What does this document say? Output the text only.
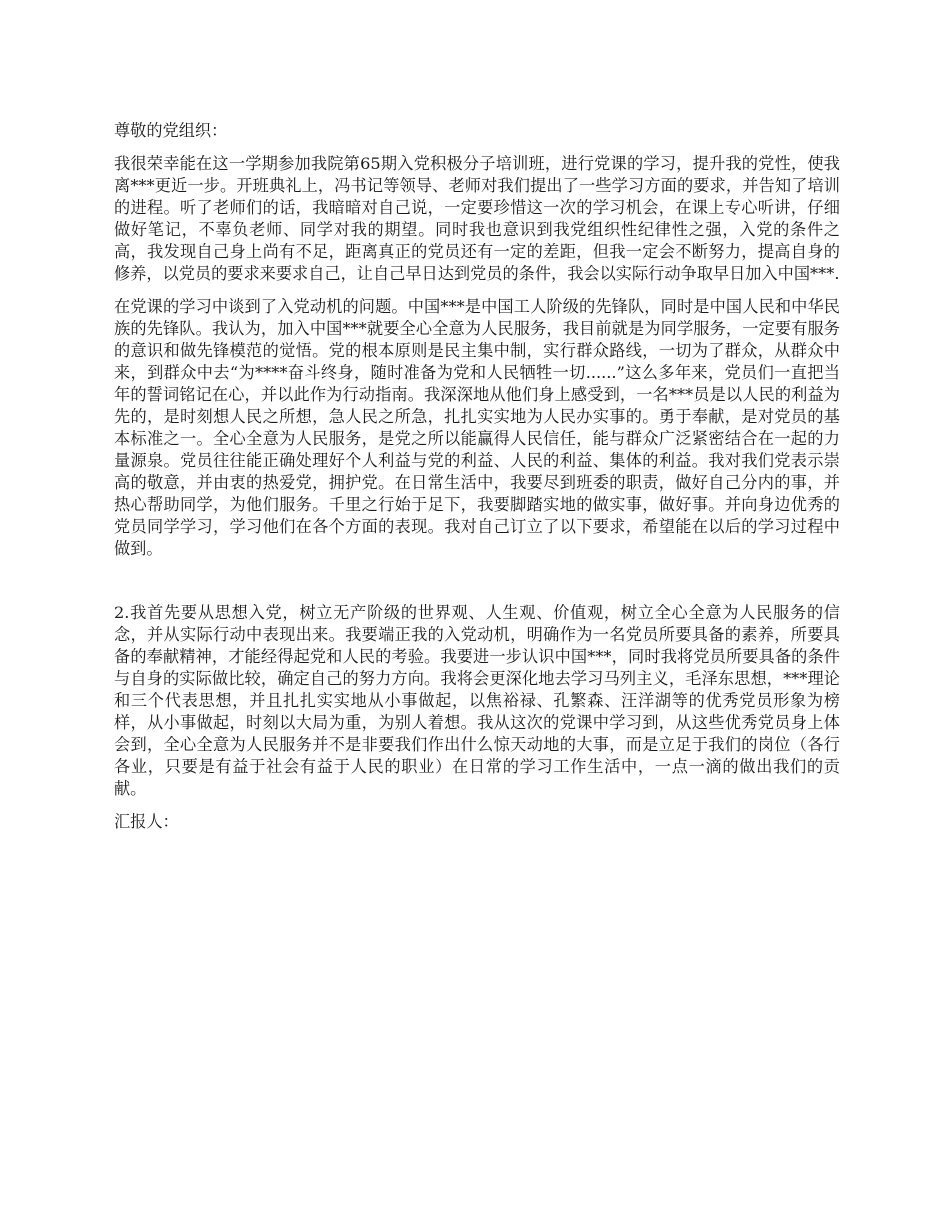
尊敬的党组织：

我很荣幸能在这一学期参加我院第65期入党积极分子培训班，进行党课的学习，提升我的党性，使我离***更近一步。开班典礼上，冯书记等领导、老师对我们提出了一些学习方面的要求，并告知了培训的进程。听了老师们的话，我暗暗对自己说，一定要珍惜这一次的学习机会，在课上专心听讲，仔细做好笔记，不辜负老师、同学对我的期望。同时我也意识到我党组织性纪律性之强，入党的条件之高，我发现自己身上尚有不足，距离真正的党员还有一定的差距，但我一定会不断努力，提高自身的修养，以党员的要求来要求自己，让自己早日达到党员的条件，我会以实际行动争取早日加入中国***.

在党课的学习中谈到了入党动机的问题。中国***是中国工人阶级的先锋队，同时是中国人民和中华民族的先锋队。我认为，加入中国***就要全心全意为人民服务，我目前就是为同学服务，一定要有服务的意识和做先锋模范的觉悟。党的根本原则是民主集中制，实行群众路线，一切为了群众，从群众中来，到群众中去“为****奋斗终身，随时准备为党和人民牺牲一切......”这么多年来，党员们一直把当年的誓词铭记在心，并以此作为行动指南。我深深地从他们身上感受到，一名***员是以人民的利益为先的，是时刻想人民之所想，急人民之所急，扎扎实实地为人民办实事的。勇于奉献，是对党员的基本标准之一。全心全意为人民服务，是党之所以能赢得人民信任，能与群众广泛紧密结合在一起的力量源泉。党员往往能正确处理好个人利益与党的利益、人民的利益、集体的利益。我对我们党表示崇高的敬意，并由衷的热爱党，拥护党。在日常生活中，我要尽到班委的职责，做好自己分内的事，并热心帮助同学，为他们服务。千里之行始于足下，我要脚踏实地的做实事，做好事。并向身边优秀的党员同学学习，学习他们在各个方面的表现。我对自己订立了以下要求，希望能在以后的学习过程中做到。

2.我首先要从思想入党，树立无产阶级的世界观、人生观、价值观，树立全心全意为人民服务的信念，并从实际行动中表现出来。我要端正我的入党动机，明确作为一名党员所要具备的素养，所要具备的奉献精神，才能经得起党和人民的考验。我要进一步认识中国***，同时我将党员所要具备的条件与自身的实际做比较，确定自己的努力方向。我将会更深化地去学习马列主义，毛泽东思想，***理论和三个代表思想，并且扎扎实实地从小事做起，以焦裕禄、孔繁森、汪洋湖等的优秀党员形象为榜样，从小事做起，时刻以大局为重，为别人着想。我从这次的党课中学习到，从这些优秀党员身上体会到，全心全意为人民服务并不是非要我们作出什么惊天动地的大事，而是立足于我们的岗位（各行各业，只要是有益于社会有益于人民的职业）在日常的学习工作生活中，一点一滴的做出我们的贡献。

汇报人：
